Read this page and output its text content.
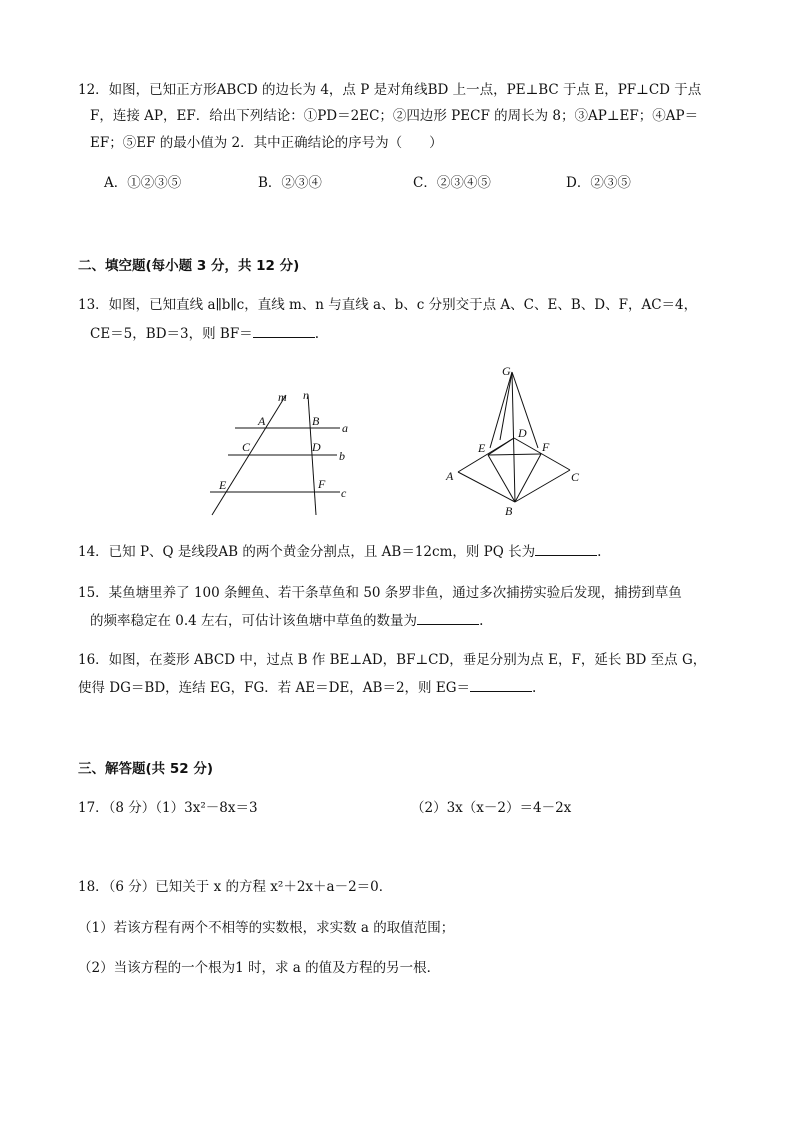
12．如图，已知正方形ABCD 的边长为 4，点 P 是对角线BD 上一点，PE⊥BC 于点 E，PF⊥CD 于点
F，连接 AP，EF．给出下列结论：①PD＝2EC；②四边形 PECF 的周长为 8；③AP⊥EF；④AP＝
EF；⑤EF 的最小值为 2．其中正确结论的序号为（　　）
A．①②③⑤	B．②③④	C．②③④⑤	D．②③⑤
二、填空题(每小题 3 分，共 12 分)
13．如图，已知直线 a∥b∥c，直线 m、n 与直线 a、b、c 分别交于点 A、C、E、B、D、F，AC＝4，
CE＝5，BD＝3，则 BF＝	.
m n
A	B a
C	D
b
E	F
c
G
D
E	F
A	C
B
14．已知 P、Q 是线段AB 的两个黄金分割点，且 AB＝12cm，则 PQ 长为	.
15．某鱼塘里养了 100 条鲤鱼、若干条草鱼和 50 条罗非鱼，通过多次捕捞实验后发现，捕捞到草鱼
的频率稳定在 0.4 左右，可估计该鱼塘中草鱼的数量为	.
16．如图，在菱形 ABCD 中，过点 B 作 BE⊥AD，BF⊥CD，垂足分别为点 E，F，延长 BD 至点 G，
使得 DG＝BD，连结 EG，FG．若 AE＝DE，AB＝2，则 EG＝	.
三、解答题(共 52 分)
17．（8 分）（1）3x²－8x＝3	（2）3x（x－2）＝4－2x
18．（6 分）已知关于 x 的方程 x²＋2x＋a－2＝0．
（1）若该方程有两个不相等的实数根，求实数 a 的取值范围；
（2）当该方程的一个根为1 时，求 a 的值及方程的另一根．
